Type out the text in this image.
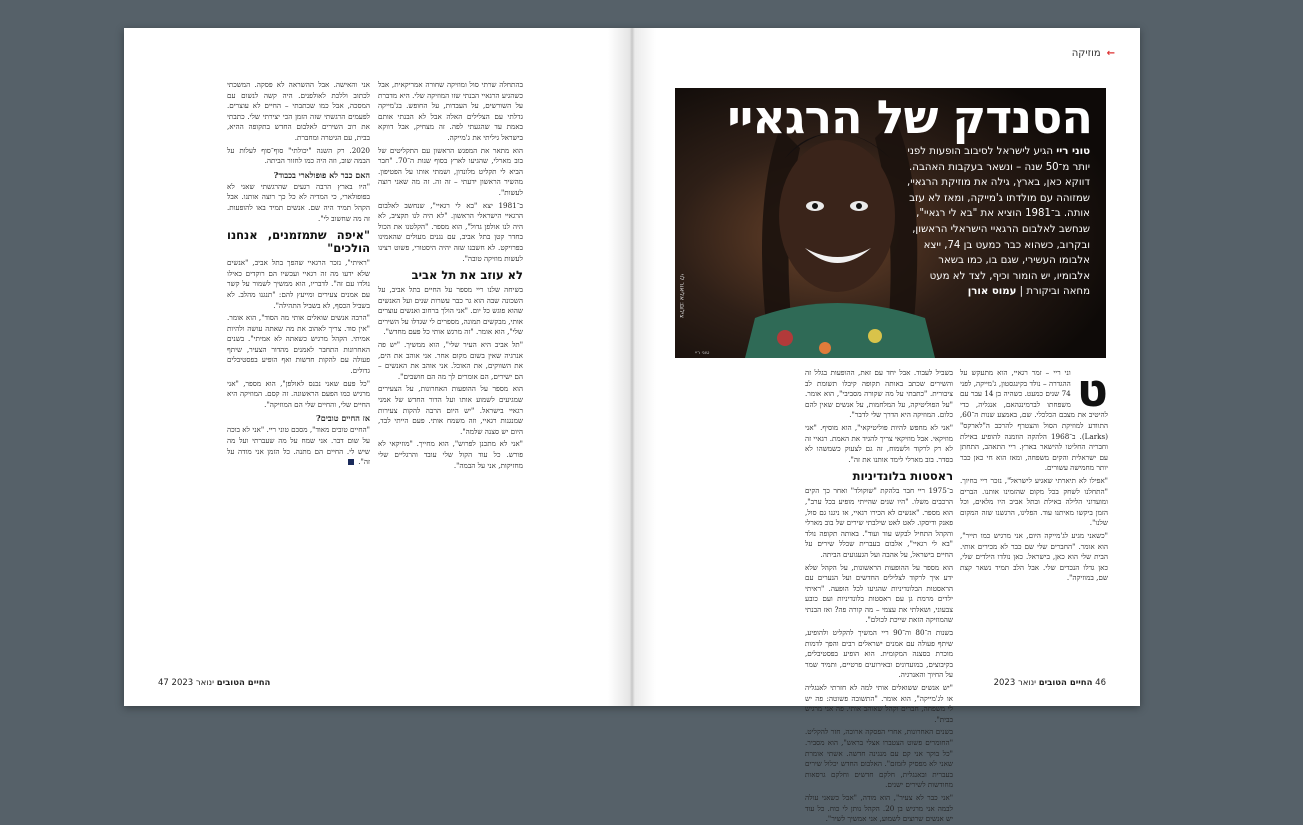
בהתחלה שרתי סול ומוזיקה שחורה אמריקאית, אבל כשהגיע הרגאיי הבנתי שזו המוזיקה שלי. היא מדברת על השורשים, על העבדות, על החופש. בג'מייקה גדלתי עם הצלילים האלה אבל לא הבנתי אותם באמת עד שהגעתי לפה. זה מצחיק, אבל דווקא בישראל גיליתי את ג'מייקה.

הוא מתאר את המפגש הראשון עם התקליטים של בוב מארלי, שהגיעו לארץ בסוף שנות ה־70. "חבר הביא לי תקליט מלונדון, ושמתי אותו על הפטיפון. מהשיר הראשון ידעתי – זה זה. זה מה שאני רוצה לעשות".

ב־1981 יצא "בא לי רגאיי", שנחשב לאלבום הרגאיי הישראלי הראשון. "לא היה לנו תקציב, לא היה לנו אולפן גדול", הוא מספר. "הקלטנו את הכול בחדר קטן בתל אביב, עם נגנים מעולים שהאמינו בפרויקט. לא חשבנו שזה יהיה היסטורי, פשוט רצינו לעשות מוזיקה טובה".

לא עוזב את תל אביב

בשיחה שלנו ריי מספר על החיים בתל אביב, על השכונה שבה הוא גר כבר עשרות שנים ועל האנשים שהוא פוגש כל יום. "אני הולך ברחוב ואנשים עוצרים אותי, מבקשים תמונה, מספרים לי שגדלו על השירים שלי", הוא אומר. "זה מרגש אותי כל פעם מחדש".

"תל אביב היא העיר שלי", הוא ממשיך. "יש פה אנרגיה שאין בשום מקום אחר. אני אוהב את הים, את השווקים, את האוכל. אני אוהב את האנשים – הם ישירים, הם אומרים לך מה הם חושבים".

הוא מספר על ההופעות האחרונות, על הצעירים שמגיעים לשמוע אותו ועל הדור החדש של אמני רגאיי בישראל. "יש היום הרבה להקות צעירות שמנגנות רגאיי, וזה משמח אותי. פעם הייתי לבד, היום יש סצנה שלמה".

"אני לא מתכנן לפרוש", הוא מחייך. "מוזיקאי לא פורש. כל עוד הקול שלי עובד והרגליים שלי מחזיקות, אני על הבמה".

אני והאישה. אבל ההשראה לא פסקה. המשכתי לכתוב וללכת לאולפנים. היה קשה לנשום עם המסכה, אבל כמו שכתבתי – החיים לא עוצרים. לפעמים הרגשתי שזה הזמן הכי יצירתי שלי. כתבתי את רוב השירים לאלבום החדש בתקופה ההיא, בבית, עם הגיטרה ומחברת.

2020. רק השנה "יכולתי" סוף־סוף לעלות על הבמה שוב, וזה היה כמו לחזור הביתה.

האם כבר לא פופולארי בכבוד?

"היו בארץ הרבה רגעים שהרגשתי שאני לא בפופולארי, כי המדיה לא כל כך רוצה אותנו. אבל הקהל תמיד היה שם. אנשים תמיד באו להופעות. זה מה שחשוב לי".

"איפה שתמזמנים, אנחנו הולכים"

"ראיתי", נזכר הרגאיי שהפך בתל אביב, "אנשים שלא ידעו מה זה רגאיי ועכשיו הם רוקדים כאילו נולדו עם זה". לדבריו, הוא ממשיך לשמור על קשר עם אמנים צעירים ומייעץ להם: "תנגנו מהלב. לא בשביל הכסף, לא בשביל התהילה".

"הרבה אנשים שואלים אותי מה הסוד", הוא אומר. "אין סוד. צריך לאהוב את מה שאתה עושה ולהיות אמיתי. הקהל מרגיש כשאתה לא אמיתי". בשנים האחרונות התחבר לאמנים מהדור הצעיר, שיתף פעולה עם להקות חדשות ואף הופיע בפסטיבלים גדולים.

"כל פעם שאני נכנס לאולפן", הוא מספר, "אני מרגיש כמו הפעם הראשונה. זה קסם. המוזיקה היא החיים שלי, והחיים שלי הם המוזיקה".

אז החיים טובים?

"החיים טובים מאוד", מסכם טוני ריי. "אני לא בוכה על שום דבר. אני שמח על מה שעברתי ועל מה שיש לי. החיים הם מתנה. כל הזמן אני מודה על זה".

החיים הטובים ינואר 2023 47
←מוזיקה
הסנדק של הרגאיי
טוני ריי הגיע לישראל לסיבוב הופעות לפני יותר מ־50 שנה – ונשאר בעקבות האהבה. דווקא כאן, בארץ, גילה את מוזיקת הרגאיי, שמזוהה עם מולדתו ג'מייקה, ומאז לא עזב אותה. ב־1981 הוציא את "בא לי רגאיי", שנחשב לאלבום הרגאיי הישראלי הראשון, ובקרוב, כשהוא כבר כמעט בן 74, ייצא אלבומו העשירי, שגם בו, כמו בשאר אלבומיו, יש הומור וכיף, לצד לא מעט מחאה וביקורת | עמוס אורן
צילום: אליאור לוי
טוני ריי
ט

וני ריי – זמר רגאיי, הוא מתעקש על ההגדרה – נולד בקינגסטון, ג'מייקה, לפני 74 שנים כמעט. כשהיה בן 14 עבר עם משפחתו לברמינגהאם, אנגליה, כדי להיטיב את מצבם הכלכלי. שם, באמצע שנות ה־60, התוודע למוזיקת הסול והצטרף להרכב ה"לארקס" (Larks). ב־1968 הלהקה הוזמנה להופיע באילת וחבריה החליטו להישאר בארץ. ריי התאהב, התחתן עם ישראלית והקים משפחה, ומאז הוא חי כאן כבר יותר מחמישה עשורים.

"אפילו לא תיארתי שאגיע לישראל", נזכר ריי בחיוך. "התחלנו לשחק בכל מקום שהזמינו אותנו. הברים ומועדוני הלילה באילת ובתל אביב היו מלאים, וכל הזמן ביקשו מאיתנו עוד. הפלינו, הרגשנו שזה המקום שלנו".

"כשאני מגיע לג'מייקה היום, אני מרגיש כמו תייר", הוא אומר. "החברים שלי שם כבר לא מכירים אותי. הבית שלי הוא כאן, בישראל. כאן נולדו הילדים שלי, כאן גדלו הנכדים שלי. אבל הלב תמיד נשאר קצת שם, במוזיקה".

בשביל לעבוד. אבל יחד עם זאת, ההופעות בגלל זה והשירים שכתב באותה תקופה קיבלו תשומת לב ציבורית. "כתבתי על מה שקורה מסביבי", הוא אומר. "על הפוליטיקה, על המלחמות, על אנשים שאין להם כלום. המוזיקה היא הדרך שלי לדבר".

"אני לא מחפש להיות פוליטיקאי", הוא מוסיף. "אני מוזיקאי. אבל מוזיקאי צריך להגיד את האמת. רגאיי זה לא רק לרקוד ולשמוח, זה גם לצעוק כשמשהו לא בסדר. בוב מארלי לימד אותנו את זה".

ראסטות בלונדיניות

ב־1975 ריי חבר בלהקת "שוקולד" ואחר כך הקים הרכבים משלו. "היו שנים שהייתי מופיע בכל ערב", הוא מספר. "אנשים לא הכירו רגאיי, אז ניגנו גם סול, פאנק ודיסקו. לאט לאט שילבתי שירים של בוב מארלי והקהל התחיל לבקש עוד ועוד". באותה תקופה נולד "בא לי רגאיי", אלבום בעברית שכלל שירים על החיים בישראל, על אהבה ועל הגעגועים הביתה.

הוא מספר על ההופעות הראשונות, על הקהל שלא ידע איך לרקוד לצלילים החדשים ועל הנערים עם הראסטות הבלונדיניות שהגיעו לכל הופעה. "ראיתי ילדים מרמת גן עם ראסטות בלונדיניות ועם כובע צבעוני, ושאלתי את עצמי – מה קורה פה? ואז הבנתי שהמוזיקה הזאת שייכת לכולם".

בשנות ה־80 וה־90 ריי המשיך להקליט ולהופיע, שיתף פעולה עם אמנים ישראלים רבים והפך לדמות מוכרת בסצנה המקומית. הוא הופיע בפסטיבלים, בקיבוצים, במועדונים ובאירועים פרטיים, ותמיד שמר על החיוך והאנרגיה.

"יש אנשים ששואלים אותי למה לא חזרתי לאנגליה או לג'מייקה", הוא אומר. "התשובה פשוטה: פה יש לי משפחה, חברים וקהל שאוהב אותי. פה אני מרגיש בבית".

בשנים האחרונות, אחרי הפסקה ארוכה, חזר להקליט. "החומרים פשוט הצטברו אצלי בראש", הוא מסביר. "כל בוקר אני קם עם מנגינה חדשה. אשתי אומרת שאני לא מפסיק לזמזם". האלבום החדש יכלול שירים בעברית ובאנגלית, חלקם חדשים וחלקם גרסאות מחודשות לשירים ישנים.

"אני כבר לא צעיר", הוא מודה, "אבל כשאני עולה לבמה אני מרגיש בן 20. הקהל נותן לי כוח. כל עוד יש אנשים שרוצים לשמוע, אני אמשיך לשיר".

46 החיים הטובים ינואר 2023
